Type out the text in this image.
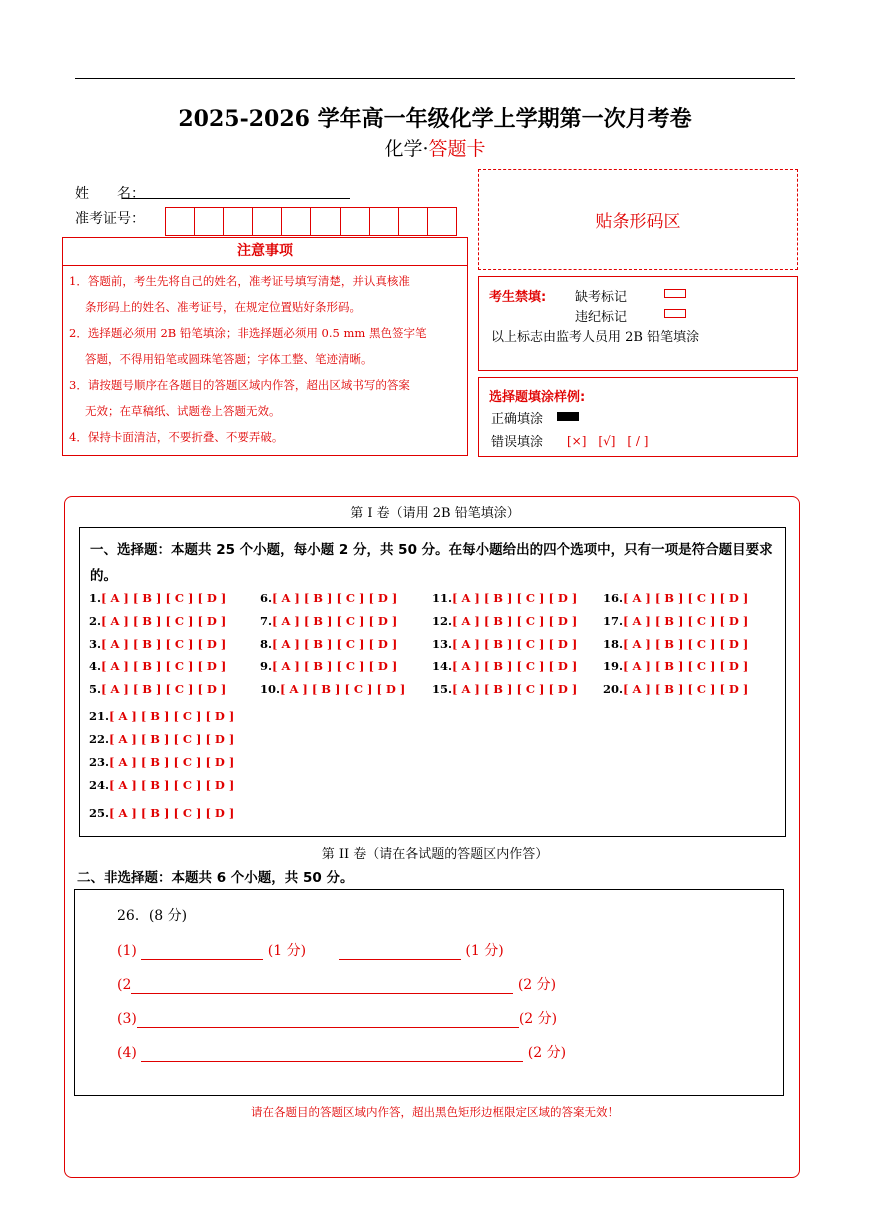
2025-2026 学年高一年级化学上学期第一次月考卷
化学·答题卡
姓　　名：
准考证号：	贴条形码区
注意事项
1．答题前，考生先将自己的姓名，准考证号填写清楚，并认真核准
条形码上的姓名、准考证号，在规定位置贴好条形码。
2．选择题必须用 2B 铅笔填涂；非选择题必须用 0.5 mm 黑色签字笔
答题，不得用铅笔或圆珠笔答题；字体工整、笔迹清晰。
3．请按题号顺序在各题目的答题区域内作答，超出区域书写的答案
无效；在草稿纸、试题卷上答题无效。
4．保持卡面清洁，不要折叠、不要弄破。
考生禁填: 缺考标记
违纪标记
以上标志由监考人员用 2B 铅笔填涂
选择题填涂样例:
正确填涂
错误填涂 [×]　[√]　[ / ]
第 I 卷（请用 2B 铅笔填涂）
一、选择题：本题共 25 个小题，每小题 2 分，共 50 分。在每小题给出的四个选项中，只有一项是符合题目要求的。
1.[ A ] [ B ] [ C ] [ D ]
2.[ A ] [ B ] [ C ] [ D ]
3.[ A ] [ B ] [ C ] [ D ]
4.[ A ] [ B ] [ C ] [ D ]
5.[ A ] [ B ] [ C ] [ D ]
6.[ A ] [ B ] [ C ] [ D ]
7.[ A ] [ B ] [ C ] [ D ]
8.[ A ] [ B ] [ C ] [ D ]
9.[ A ] [ B ] [ C ] [ D ]
10.[ A ] [ B ] [ C ] [ D ]
11.[ A ] [ B ] [ C ] [ D ]
12.[ A ] [ B ] [ C ] [ D ]
13.[ A ] [ B ] [ C ] [ D ]
14.[ A ] [ B ] [ C ] [ D ]
15.[ A ] [ B ] [ C ] [ D ]
16.[ A ] [ B ] [ C ] [ D ]
17.[ A ] [ B ] [ C ] [ D ]
18.[ A ] [ B ] [ C ] [ D ]
19.[ A ] [ B ] [ C ] [ D ]
20.[ A ] [ B ] [ C ] [ D ]
21.[ A ] [ B ] [ C ] [ D ]
22.[ A ] [ B ] [ C ] [ D ]
23.[ A ] [ B ] [ C ] [ D ]
24.[ A ] [ B ] [ C ] [ D ]
25.[ A ] [ B ] [ C ] [ D ]
第 II 卷（请在各试题的答题区内作答）
二、非选择题：本题共 6 个小题，共 50 分。
26．(8 分)
(1)	(1 分)	(1 分)
(2	(2 分)
(3)	(2 分)
(4)	(2 分)
请在各题目的答题区域内作答，超出黑色矩形边框限定区域的答案无效！
